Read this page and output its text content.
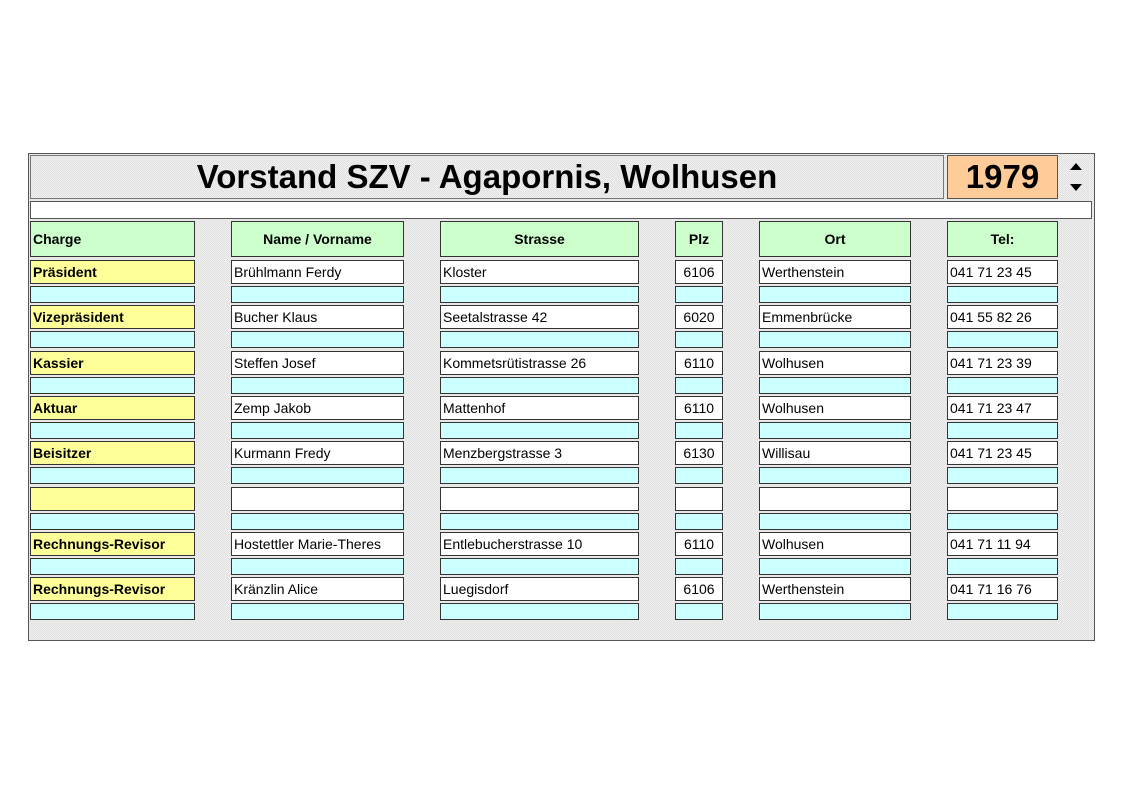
Vorstand SZV - Agapornis, Wolhusen	1979
Charge	Name / Vorname	Strasse	Plz	Ort	Tel:
Präsident	Brühlmann Ferdy	Kloster	6106	Werthenstein	041 71 23 45
Vizepräsident	Bucher Klaus	Seetalstrasse 42	6020	Emmenbrücke	041 55 82 26
Kassier	Steffen Josef	Kommetsrütistrasse 26	6110	Wolhusen	041 71 23 39
Aktuar	Zemp Jakob	Mattenhof	6110	Wolhusen	041 71 23 47
Beisitzer	Kurmann Fredy	Menzbergstrasse 3	6130	Willisau	041 71 23 45
Rechnungs-Revisor	Hostettler Marie-Theres	Entlebucherstrasse 10	6110	Wolhusen	041 71 11 94
Rechnungs-Revisor	Kränzlin Alice	Luegisdorf	6106	Werthenstein	041 71 16 76
